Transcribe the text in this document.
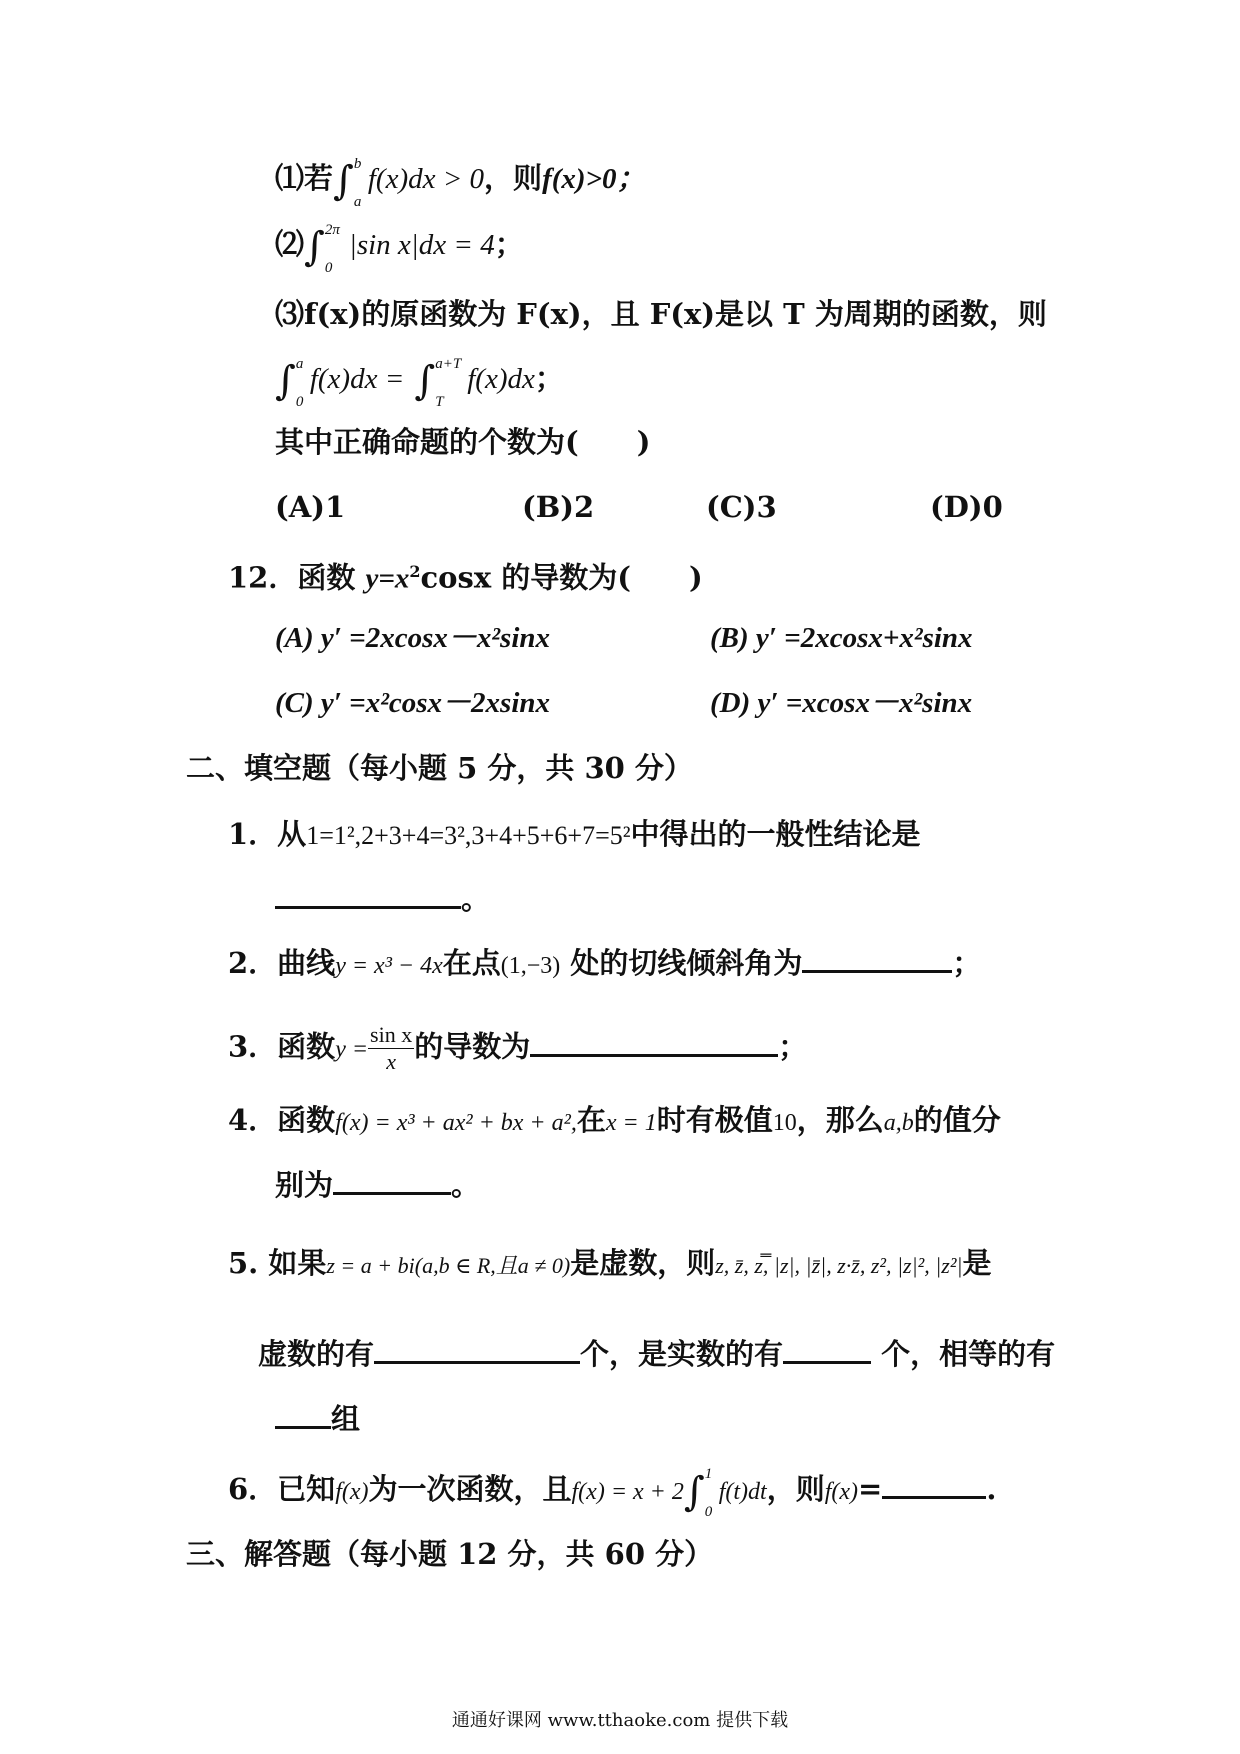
⑴若∫ b
a
f(x)dx > 0，则f(x)>0；
⑵∫ 2π
0
|sin x|dx = 4；
⑶f(x)的原函数为 F(x)，且 F(x)是以 T 为周期的函数，则
∫ a
0
f(x)dx = ∫ a+T
T
f(x)dx；
其中正确命题的个数为(　　)
(A)1	(B)2	(C)3	(D)0
12．函数 $y=x^2\cos x$ 的导数为(　　)
(A) y′ =2xcosx－x²sinx	(B) y′ =2xcosx+x²sinx
(C) y′ =x²cosx－2xsinx	(D) y′ =xcosx－x²sinx
二、填空题（每小题 5 分，共 30 分）
1．从1=1²,2+3+4=3²,3+4+5+6+7=5²中得出的一般性结论是
。
2．曲线y = x³ − 4x在点(1,−3) 处的切线倾斜角为	；
3．函数$y = \frac{\text{sin x}}{x}$ 的导数为	；
4．函数f(x) = x³ + ax² + bx + a²,在x = 1时有极值10，那么a,b的值分
别为	。
5. 如果z = a + bi(a,b ∈ R,且a ≠ 0)是虚数，则z, z̄, z̿, |z|, |z̄|, z·z̄, z², |z|², |z²|是
虚数的有	个，是实数的有	个，相等的有
组
6．已知f(x)为一次函数，且f(x) = x + 2∫ 1
0
f(t)dt，则f(x)=	.
三、解答题（每小题 12 分，共 60 分）
通通好课网 www.tthaoke.com 提供下载
